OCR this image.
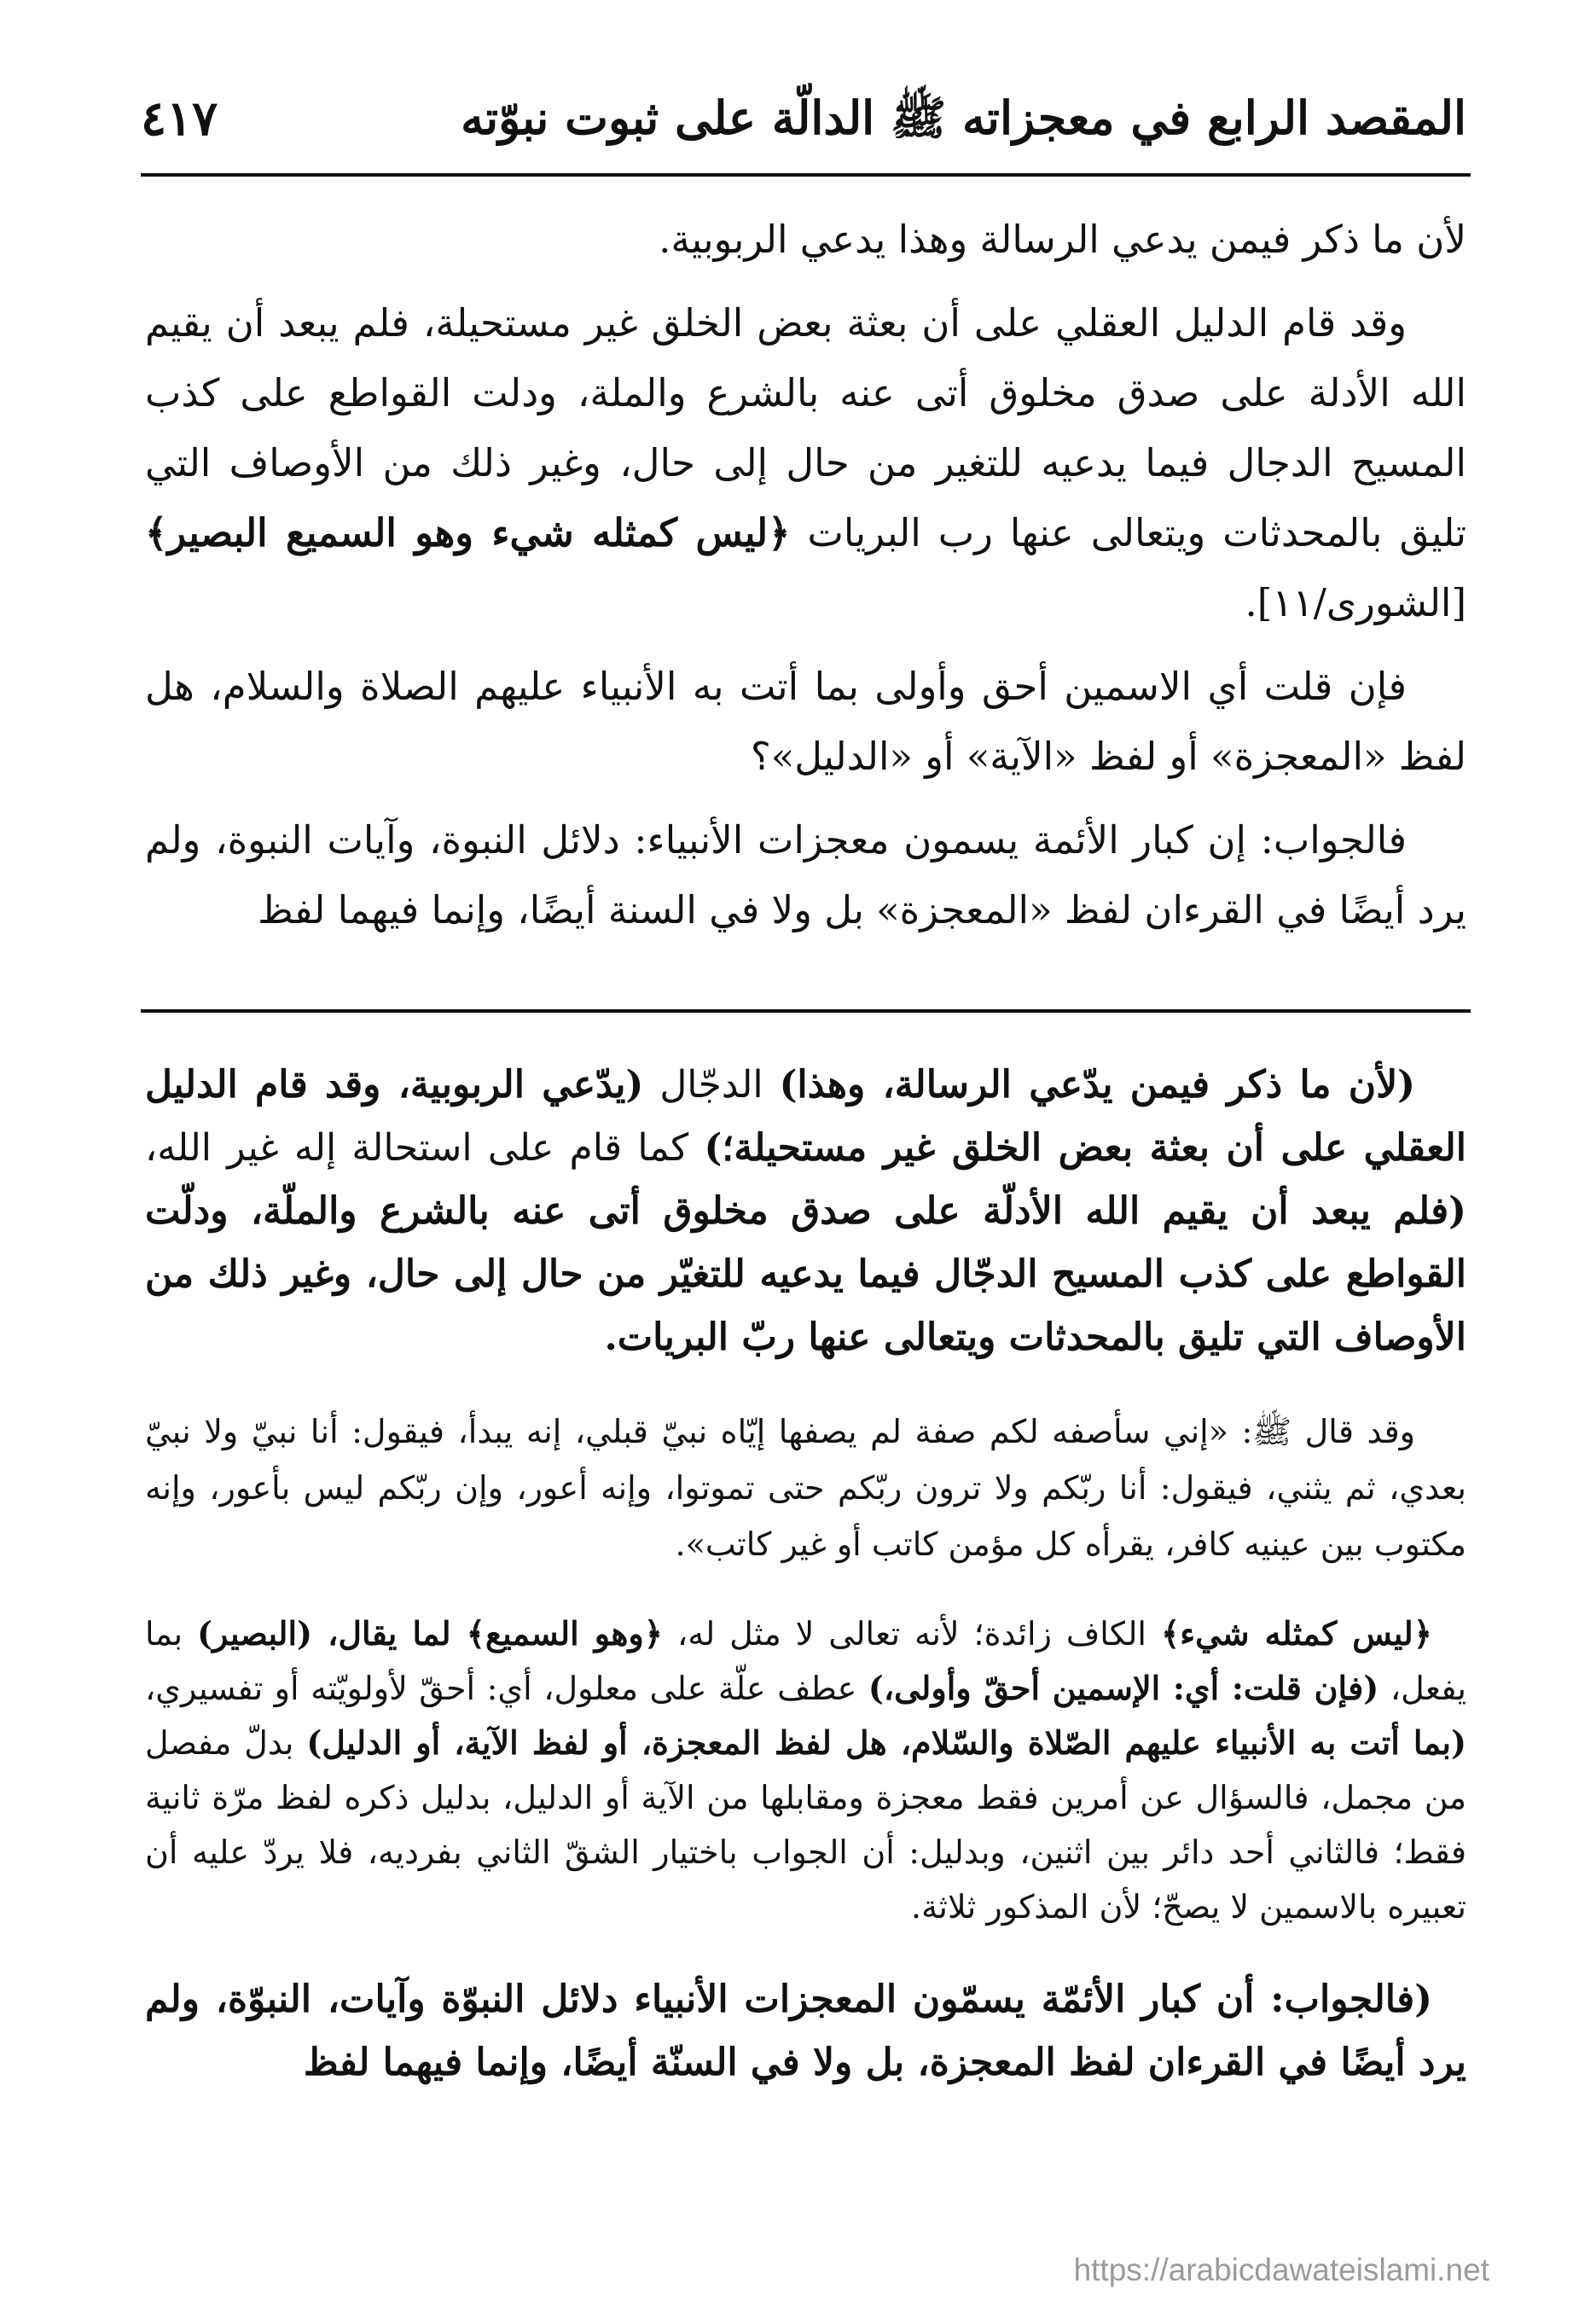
المقصد الرابع في معجزاته ﷺ الدالّة على ثبوت نبوّته
٤١٧

لأن ما ذكر فيمن يدعي الرسالة وهذا يدعي الربوبية.

وقد قام الدليل العقلي على أن بعثة بعض الخلق غير مستحيلة، فلم يبعد أن يقيم الله الأدلة على صدق مخلوق أتى عنه بالشرع والملة، ودلت القواطع على كذب المسيح الدجال فيما يدعيه للتغير من حال إلى حال، وغير ذلك من الأوصاف التي تليق بالمحدثات ويتعالى عنها رب البريات ﴿ليس كمثله شيء وهو السميع البصير﴾ [الشورى/١١].

فإن قلت أي الاسمين أحق وأولى بما أتت به الأنبياء عليهم الصلاة والسلام، هل لفظ «المعجزة» أو لفظ «الآية» أو «الدليل»؟

فالجواب: إن كبار الأئمة يسمون معجزات الأنبياء: دلائل النبوة، وآيات النبوة، ولم يرد أيضًا في القرءان لفظ «المعجزة» بل ولا في السنة أيضًا، وإنما فيهما لفظ

(لأن ما ذكر فيمن يدّعي الرسالة، وهذا) الدجّال (يدّعي الربوبية، وقد قام الدليل العقلي على أن بعثة بعض الخلق غير مستحيلة؛) كما قام على استحالة إله غير الله، (فلم يبعد أن يقيم الله الأدلّة على صدق مخلوق أتى عنه بالشرع والملّة، ودلّت القواطع على كذب المسيح الدجّال فيما يدعيه للتغيّر من حال إلى حال، وغير ذلك من الأوصاف التي تليق بالمحدثات ويتعالى عنها ربّ البريات.

وقد قال ﷺ: «إني سأصفه لكم صفة لم يصفها إيّاه نبيّ قبلي، إنه يبدأ، فيقول: أنا نبيّ ولا نبيّ بعدي، ثم يثني، فيقول: أنا ربّكم ولا ترون ربّكم حتى تموتوا، وإنه أعور، وإن ربّكم ليس بأعور، وإنه مكتوب بين عينيه كافر، يقرأه كل مؤمن كاتب أو غير كاتب».

﴿ليس كمثله شيء﴾ الكاف زائدة؛ لأنه تعالى لا مثل له، ﴿وهو السميع﴾ لما يقال، (البصير) بما يفعل، (فإن قلت: أي: الإسمين أحقّ وأولى،) عطف علّة على معلول، أي: أحقّ لأولويّته أو تفسيري، (بما أتت به الأنبياء عليهم الصّلاة والسّلام، هل لفظ المعجزة، أو لفظ الآية، أو الدليل) بدلّ مفصل من مجمل، فالسؤال عن أمرين فقط معجزة ومقابلها من الآية أو الدليل، بدليل ذكره لفظ مرّة ثانية فقط؛ فالثاني أحد دائر بين اثنين، وبدليل: أن الجواب باختيار الشقّ الثاني بفرديه، فلا يردّ عليه أن تعبيره بالاسمين لا يصحّ؛ لأن المذكور ثلاثة.

(فالجواب: أن كبار الأئمّة يسمّون المعجزات الأنبياء دلائل النبوّة وآيات، النبوّة، ولم يرد أيضًا في القرءان لفظ المعجزة، بل ولا في السنّة أيضًا، وإنما فيهما لفظ

https://arabicdawateislami.net
